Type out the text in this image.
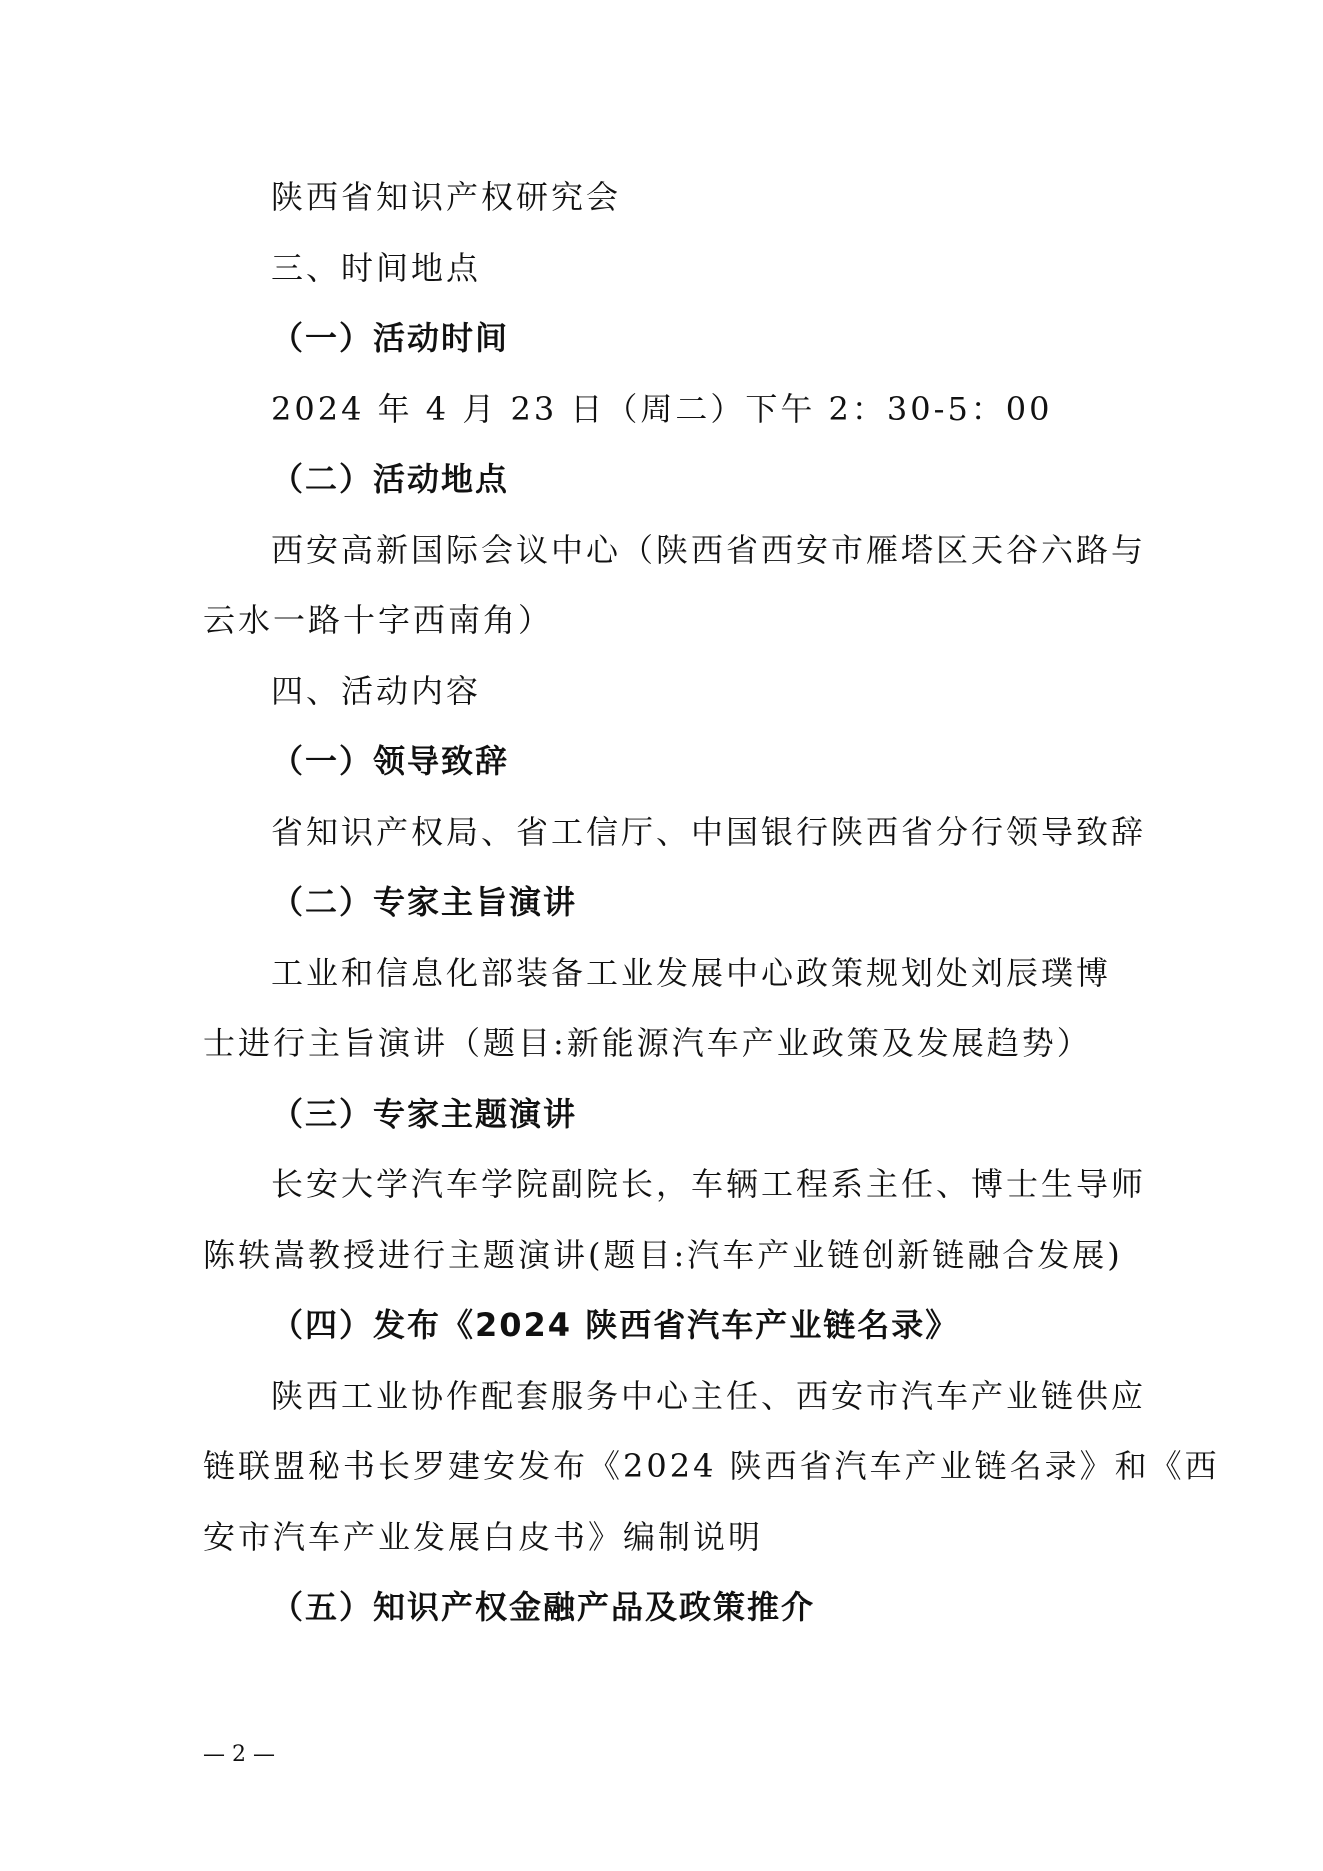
陕西省知识产权研究会
三、时间地点
（一）活动时间
2024 年 4 月 23 日（周二）下午 2：30-5：00
（二）活动地点
西安高新国际会议中心（陕西省西安市雁塔区天谷六路与
云水一路十字西南角）
四、活动内容
（一）领导致辞
省知识产权局、省工信厅、中国银行陕西省分行领导致辞
（二）专家主旨演讲
工业和信息化部装备工业发展中心政策规划处刘辰璞博
士进行主旨演讲（题目:新能源汽车产业政策及发展趋势）
（三）专家主题演讲
长安大学汽车学院副院长，车辆工程系主任、博士生导师
陈轶嵩教授进行主题演讲(题目:汽车产业链创新链融合发展)
（四）发布《2024 陕西省汽车产业链名录》
陕西工业协作配套服务中心主任、西安市汽车产业链供应
链联盟秘书长罗建安发布《2024 陕西省汽车产业链名录》和《西
安市汽车产业发展白皮书》编制说明
（五）知识产权金融产品及政策推介
— 2 —
